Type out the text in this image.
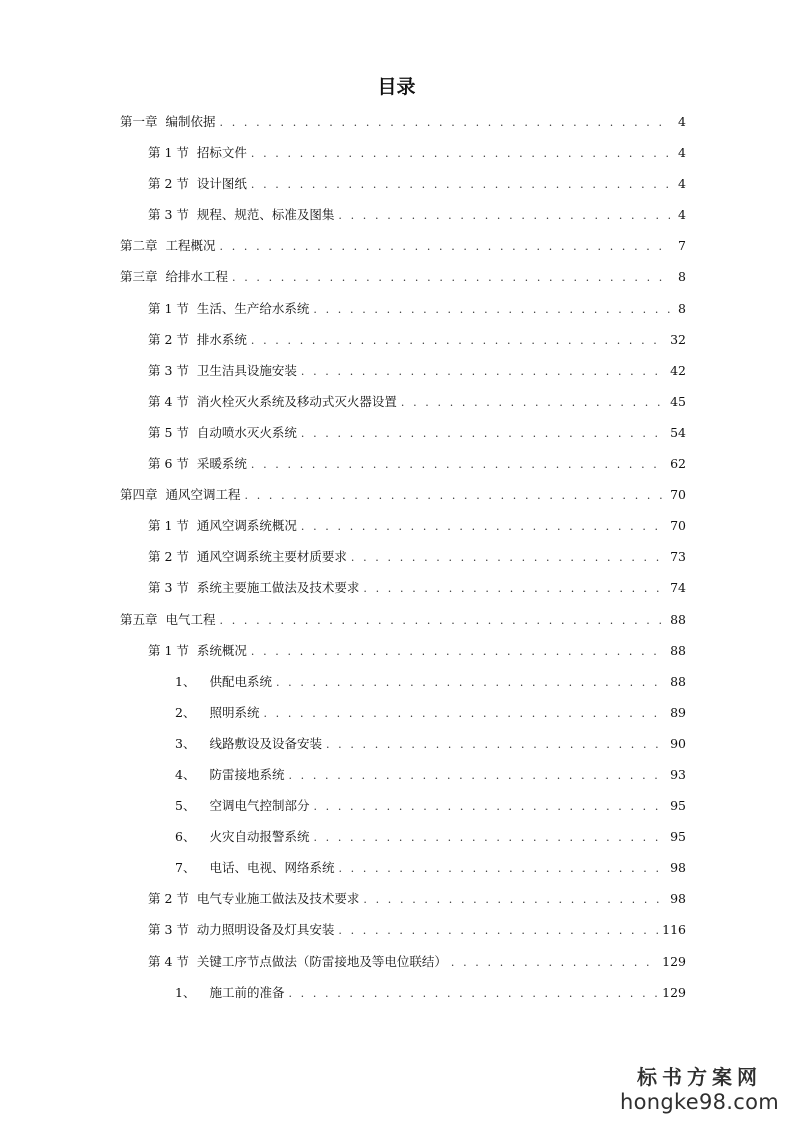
目录
第一章 编制依据 . . .	4
第 1 节 招标文件 . . .	4
第 2 节 设计图纸 . . .	4
第 3 节 规程、规范、标准及图集 . . .	4
第二章 工程概况 . . .	7
第三章 给排水工程 . . .	8
第 1 节 生活、生产给水系统 . . .	8
第 2 节 排水系统 . . .	32
第 3 节 卫生洁具设施安装 . . .	42
第 4 节 消火栓灭火系统及移动式灭火器设置 . . .	45
第 5 节 自动喷水灭火系统 . . .	54
第 6 节 采暖系统 . . .	62
第四章 通风空调工程 . . .	70
第 1 节 通风空调系统概况 . . .	70
第 2 节 通风空调系统主要材质要求 . . .	73
第 3 节 系统主要施工做法及技术要求 . . .	74
第五章 电气工程 . . .	88
第 1 节 系统概况 . . .	88
1、 供配电系统 . . .	88
2、 照明系统 . . .	89
3、 线路敷设及设备安装 . . .	90
4、 防雷接地系统 . . .	93
5、 空调电气控制部分 . . .	95
6、 火灾自动报警系统 . . .	95
7、 电话、电视、网络系统 . . .	98
第 2 节 电气专业施工做法及技术要求 . . .	98
第 3 节 动力照明设备及灯具安装 . . .	116
第 4 节 关键工序节点做法（防雷接地及等电位联结） . . .	129
1、 施工前的准备 . . .	129
标书方案网
hongke98.com
